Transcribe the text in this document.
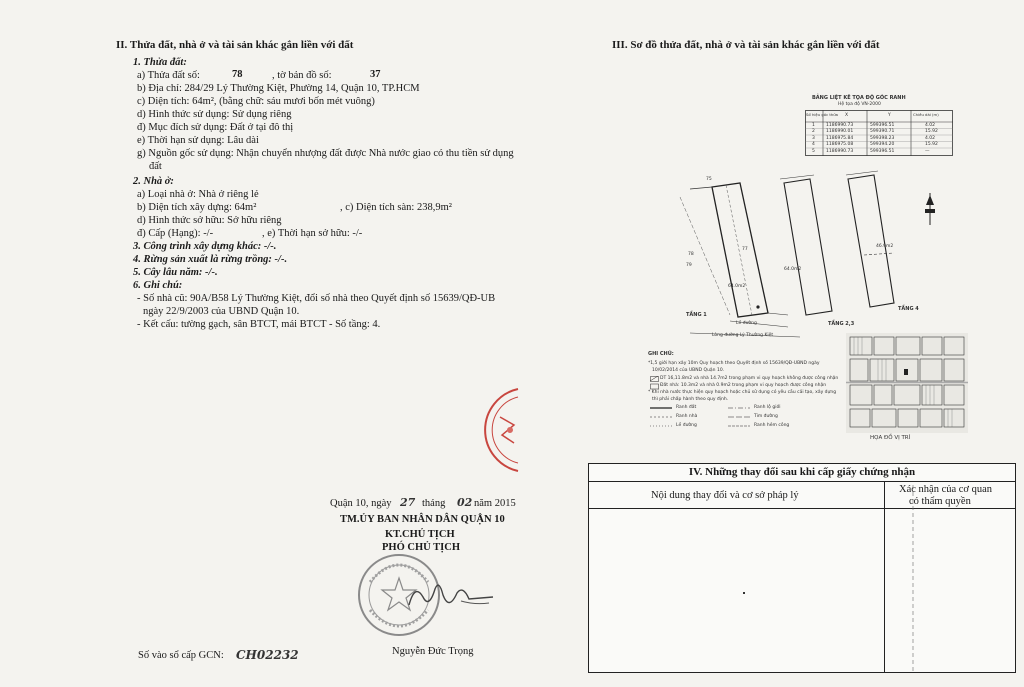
II. Thửa đất, nhà ở và tài sản khác gắn liền với đất
1. Thửa đất:
a) Thửa đất số:	78	, tờ bản đồ số:	37
b) Địa chỉ: 284/29 Lý Thường Kiệt, Phường 14, Quận 10, TP.HCM
c) Diện tích: 64m², (bằng chữ: sáu mươi bốn mét vuông)
d) Hình thức sử dụng: Sử dụng riêng
đ) Mục đích sử dụng: Đất ở tại đô thị
e) Thời hạn sử dụng: Lâu dài
g) Nguồn gốc sử dụng: Nhận chuyển nhượng đất được Nhà nước giao có thu tiền sử dụng
đất
2. Nhà ở:
a) Loại nhà ở: Nhà ở riêng lẻ
b) Diện tích xây dựng: 64m²	, c) Diện tích sàn: 238,9m²
d) Hình thức sở hữu: Sở hữu riêng
đ) Cấp (Hạng): -/-	, e) Thời hạn sở hữu: -/-
3. Công trình xây dựng khác: -/-.
4. Rừng sản xuất là rừng trồng: -/-.
5. Cây lâu năm: -/-.
6. Ghi chú:
- Số nhà cũ: 90A/B58 Lý Thường Kiệt, đổi số nhà theo Quyết định số 15639/QĐ-UB
ngày 22/9/2003 của UBND Quận 10.
- Kết cấu: tường gạch, sân BTCT, mái BTCT - Số tầng: 4.
Quận 10, ngày 27 tháng 02 năm 2015
TM.ỦY BAN NHÂN DÂN QUẬN 10
KT.CHỦ TỊCH
PHÓ CHỦ TỊCH
Nguyễn Đức Trọng
Số vào sổ cấp GCN: CH02232
III. Sơ đồ thửa đất, nhà ở và tài sản khác gắn liền với đất
BẢNG LIỆT KÊ TỌA ĐỘ GÓC RANH
Hệ tọa độ VN-2000
Số hiệu góc thửa X	Y	Chiều dài (m)
1 1186990.73	599396.51	4.02
2 1186990.01	599390.71	15.92
3 1186975.84	599398.23	4.02
4 1186975.08	599394.20	15.92
5 1186990.73	599396.51	—
78
79
77
75
64.0m2
64.0m2
46.9m2
TẦNG 1
TẦNG 2,3
TẦNG 4
Lề đường
Lòng đường Lý Thường Kiệt
GHI CHÚ:
*1,5 giới hạn xây 10m Quy hoạch theo Quyết định số 15639/QĐ-UBND ngày
10/02/2014 của UBND Quận 10.
DT 16,11.8m2 và nhà 14.7m2 trong phạm vi quy hoạch không được công nhận
Đất nhà: 10.3m2 và nhà 0.9m2 trong phạm vi quy hoạch được công nhận
* Khi nhà nước thực hiện quy hoạch hoặc chủ sử dụng có yêu cầu cải tạo, xây dựng
thì phải chấp hành theo quy định.
Ranh đất	Ranh lộ giới
Ranh nhà	Tim đường
Lề đường	Ranh hẻm công
HỌA ĐỒ VỊ TRÍ
IV. Những thay đổi sau khi cấp giấy chứng nhận
Nội dung thay đổi và cơ sở pháp lý
Xác nhận của cơ quan
có thẩm quyền
